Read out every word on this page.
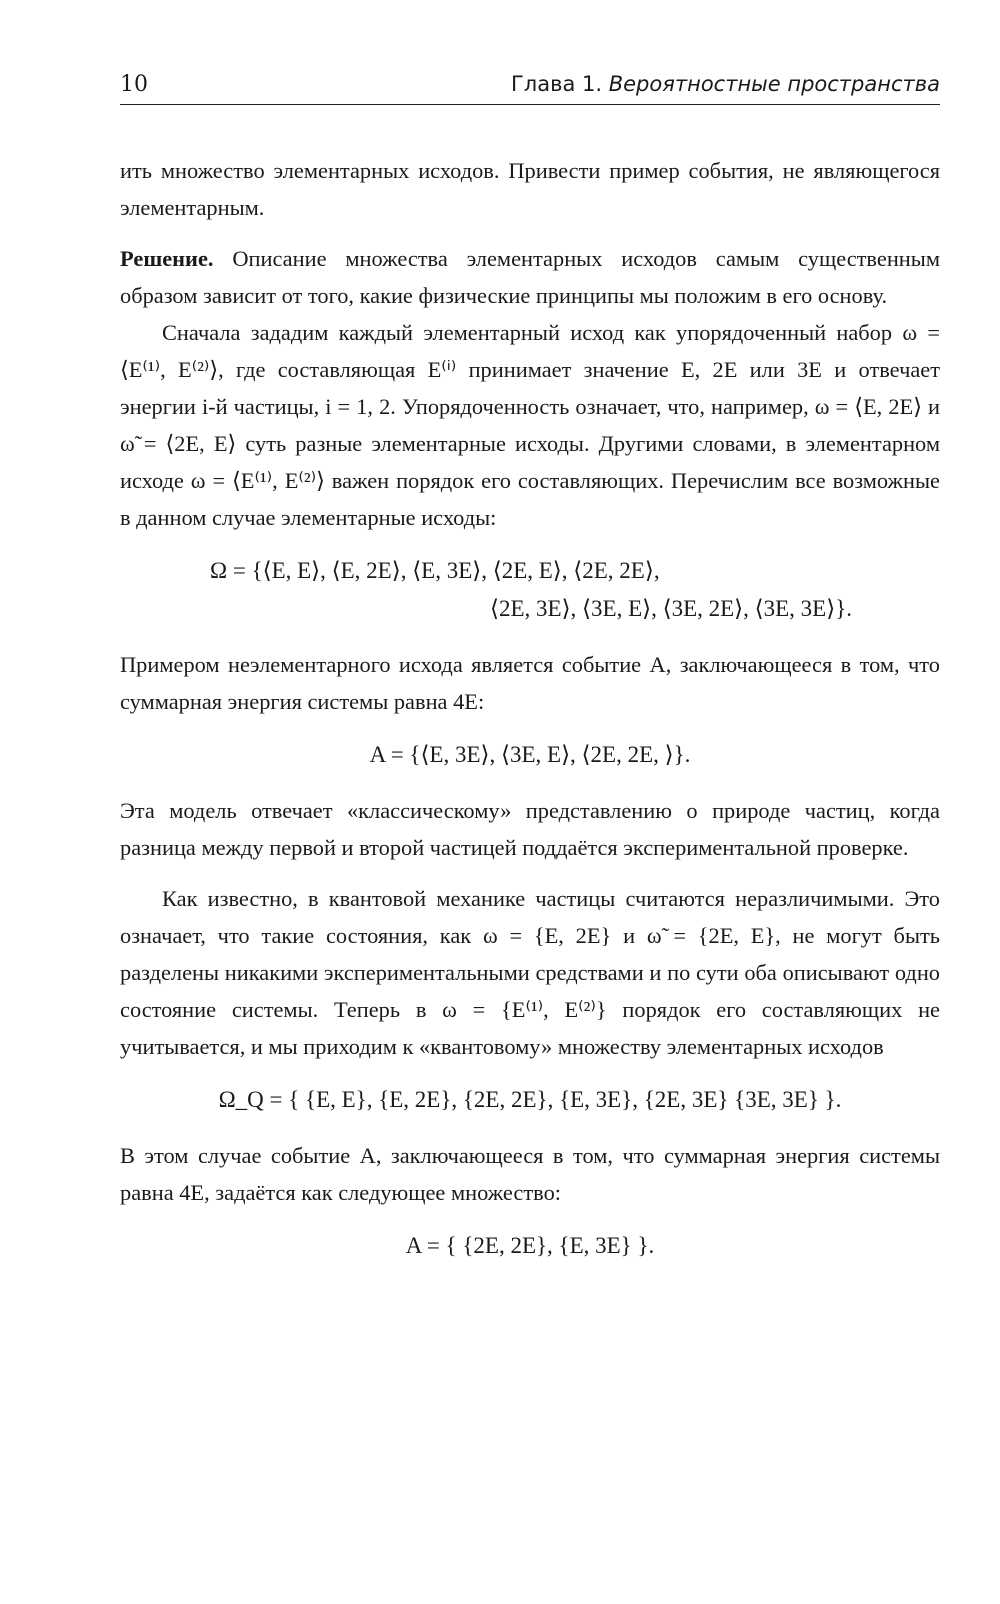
10	Глава 1. Вероятностные пространства

ить множество элементарных исходов. Привести пример события, не являющегося элементарным.

Решение. Описание множества элементарных исходов самым существенным образом зависит от того, какие физические принципы мы положим в его основу.

Сначала зададим каждый элементарный исход как упорядоченный набор ω = ⟨E⁽¹⁾, E⁽²⁾⟩, где составляющая E⁽ⁱ⁾ принимает значение E, 2E или 3E и отвечает энергии i-й частицы, i = 1, 2. Упорядоченность означает, что, например, ω = ⟨E, 2E⟩ и ω̃ = ⟨2E, E⟩ суть разные элементарные исходы. Другими словами, в элементарном исходе ω = ⟨E⁽¹⁾, E⁽²⁾⟩ важен порядок его составляющих. Перечислим все возможные в данном случае элементарные исходы:

Ω = {⟨E, E⟩, ⟨E, 2E⟩, ⟨E, 3E⟩, ⟨2E, E⟩, ⟨2E, 2E⟩,
⟨2E, 3E⟩, ⟨3E, E⟩, ⟨3E, 2E⟩, ⟨3E, 3E⟩}.

Примером неэлементарного исхода является событие A, заключающееся в том, что суммарная энергия системы равна 4E:

A = {⟨E, 3E⟩, ⟨3E, E⟩, ⟨2E, 2E, ⟩}.

Эта модель отвечает «классическому» представлению о природе частиц, когда разница между первой и второй частицей поддаётся экспериментальной проверке.

Как известно, в квантовой механике частицы считаются неразличимыми. Это означает, что такие состояния, как ω = {E, 2E} и ω̃ = {2E, E}, не могут быть разделены никакими экспериментальными средствами и по сути оба описывают одно состояние системы. Теперь в ω = {E⁽¹⁾, E⁽²⁾} порядок его составляющих не учитывается, и мы приходим к «квантовому» множеству элементарных исходов

Ω_Q = { {E, E}, {E, 2E}, {2E, 2E}, {E, 3E}, {2E, 3E} {3E, 3E} }.

В этом случае событие A, заключающееся в том, что суммарная энергия системы равна 4E, задаётся как следующее множество:

A = { {2E, 2E}, {E, 3E} }.
